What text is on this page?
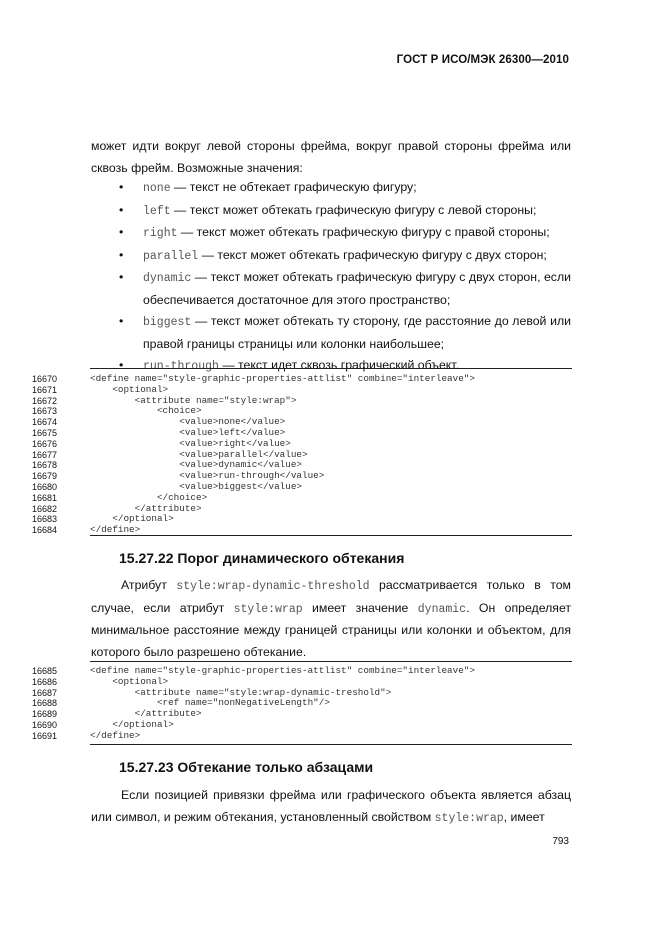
ГОСТ Р ИСО/МЭК 26300—2010
может идти вокруг левой стороны фрейма, вокруг правой стороны фрейма или сквозь фрейм. Возможные значения:
• none — текст не обтекает графическую фигуру;
• left — текст может обтекать графическую фигуру с левой стороны;
• right — текст может обтекать графическую фигуру с правой стороны;
• parallel — текст может обтекать графическую фигуру с двух сторон;
• dynamic — текст может обтекать графическую фигуру с двух сторон, если обеспечивается достаточное для этого пространство;
• biggest — текст может обтекать ту сторону, где расстояние до левой или правой границы страницы или колонки наибольшее;
• run-through — текст идет сквозь графический объект.
16670	<define name="style-graphic-properties-attlist" combine="interleave">
16671	<optional>
16672	<attribute name="style:wrap">
16673	<choice>
16674	<value>none</value>
16675	<value>left</value>
16676	<value>right</value>
16677	<value>parallel</value>
16678	<value>dynamic</value>
16679	<value>run-through</value>
16680	<value>biggest</value>
16681	</choice>
16682	</attribute>
16683	</optional>
16684	</define>
15.27.22 Порог динамического обтекания
Атрибут style:wrap-dynamic-threshold рассматривается только в том случае, если атрибут style:wrap имеет значение dynamic. Он определяет минимальное расстояние между границей страницы или колонки и объектом, для которого было разрешено обтекание.
16685	<define name="style-graphic-properties-attlist" combine="interleave">
16686	<optional>
16687	<attribute name="style:wrap-dynamic-treshold">
16688	<ref name="nonNegativeLength"/>
16689	</attribute>
16690	</optional>
16691	</define>
15.27.23 Обтекание только абзацами
Если позицией привязки фрейма или графического объекта является абзац или символ, и режим обтекания, установленный свойством style:wrap, имеет
793
